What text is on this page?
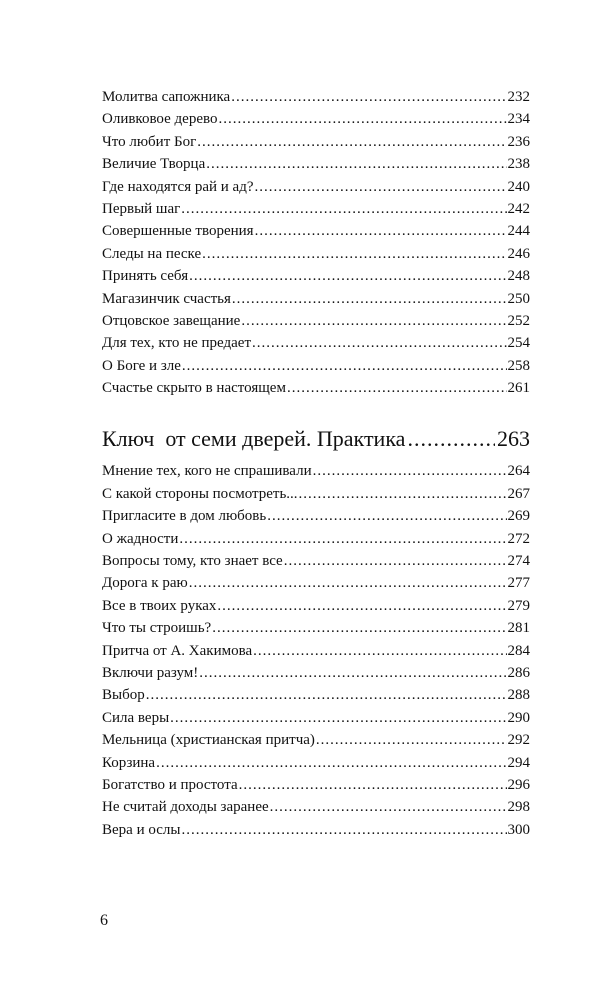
Молитва сапожника .....	232
Оливковое дерево .....	234
Что любит Бог .....	236
Величие Творца .....	238
Где находятся рай и ад? .....	240
Первый шаг .....	242
Совершенные творения .....	244
Следы на песке .....	246
Принять себя .....	248
Магазинчик счастья .....	250
Отцовское завещание .....	252
Для тех, кто не предает .....	254
О Боге и зле .....	258
Счастье скрыто в настоящем .....	261
Ключ  от семи дверей. Практика .....	263
Мнение тех, кого не спрашивали .....	264
С какой стороны посмотреть... .....	267
Пригласите в дом любовь .....	269
О жадности .....	272
Вопросы тому, кто знает все .....	274
Дорога к раю .....	277
Все в твоих руках .....	279
Что ты строишь? .....	281
Притча от А. Хакимова .....	284
Включи разум! .....	286
Выбор .....	288
Сила веры .....	290
Мельница (христианская притча) .....	292
Корзина .....	294
Богатство и простота .....	296
Не считай доходы заранее .....	298
Вера и ослы .....	300
6
